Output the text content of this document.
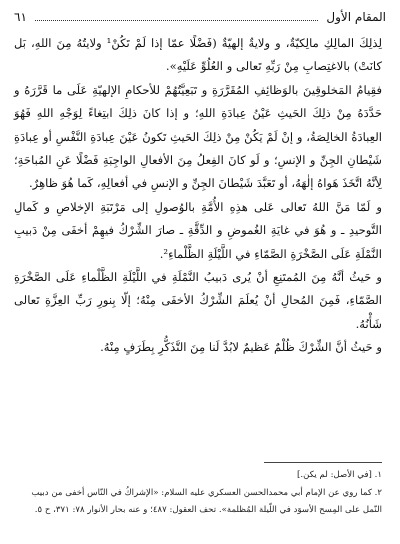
المقام الأول
٦١

لِذلِكَ المالِكِ مالِكيّةٌ، و ولايةٌ إلهيّةٌ (فَضْلًا عمّا إذا لَمْ تَكُنْ¹ ولايتُهُ مِنَ اللهِ، بَل كانَتْ) بالاغتِصابِ مِنْ رَبِّهِ تَعالى و العُلُوِّ عَلَيْهِ».

فقِيامُ المَخلوقِينَ بالوَظائِفِ المُقَرَّرَةِ و تَبَعِيَّتُهُمْ للأحكامِ الإلهيّةِ عَلَى ما قَرَّرَهُ و حَدَّدَهُ مِنْ ذلِكَ الحَيثِ عَيْنُ عِبادَةِ اللهِ؛ و إذا كانَ ذلِكَ ابتِغاءً لِوَجْهِ اللهِ فَهُوَ العِبادَةُ الخالِصَةُ، و إنْ لَمْ يَكُنْ مِنْ ذلِكَ الحَيثِ تَكونُ عَيْنَ عِبادَةِ النَّفْسِ أو عِبادَةِ شَيْطانِ الجِنِّ و الإنسِ؛ و لَو كانَ الفِعلُ مِنَ الأفعالِ الواجِبَةِ فَضْلًا عَنِ المُباحَةِ؛ لِأنَّهُ اتَّخَذَ هَواهُ إلٰهَهُ، أو تَعَبَّدَ شَيْطانَ الجِنِّ و الإنسِ في أفعالِهِ، كَما هُوَ ظاهِرٌ.

و لَمّا مَنَّ اللهُ تَعالى عَلى هذِهِ الأُمَّةِ بالوُصولِ إلى مَرْتَبَةِ الإخلاصِ و كَمالِ التَّوحيدِ ـ و هُوَ في غايَةِ الغُموضِ و الدِّقَّةِ ـ صارَ الشِّرْكُ فيهِمْ أخفَى مِنْ دَبيبِ النَّمْلَةِ عَلَى الصَّخْرَةِ الصَّمّاءِ في اللَّيْلَةِ الظَّلْماءِ².

و حَيثُ أنَّهُ مِنَ المُمتَنِعِ أنْ يُرى دَبيبُ النَّمْلَةِ في اللَّيْلَةِ الظَّلْماءِ عَلَى الصَّخْرَةِ الصَّمّاءِ، فَمِنَ المُحالِ أنْ يُعلَمَ الشِّرْكُ الأخفَى مِنْهُ؛ إلّا بِنورِ رَبِّ العِزَّةِ تَعالى شَأْنُهُ.

و حَيثُ أنَّ الشِّرْكَ ظُلْمٌ عَظيمٌ لابُدَّ لَنا مِنَ التَّذَكُّرِ بِطَرَفٍ مِنْهُ.

١. [في الأصل: لم يكن.]

٢. كما روي عن الإمام أبي محمدالحسن العسكري عليه السلام: «الإشراكُ في النّاس أخفى من دبيب النّمل على المِسح الأسوَد في اللّيلة المُظلمة». تحف العقول: ٤٨٧؛ و عنه بحار الأنوار ٧٨: ٣٧١، ح ٥.
